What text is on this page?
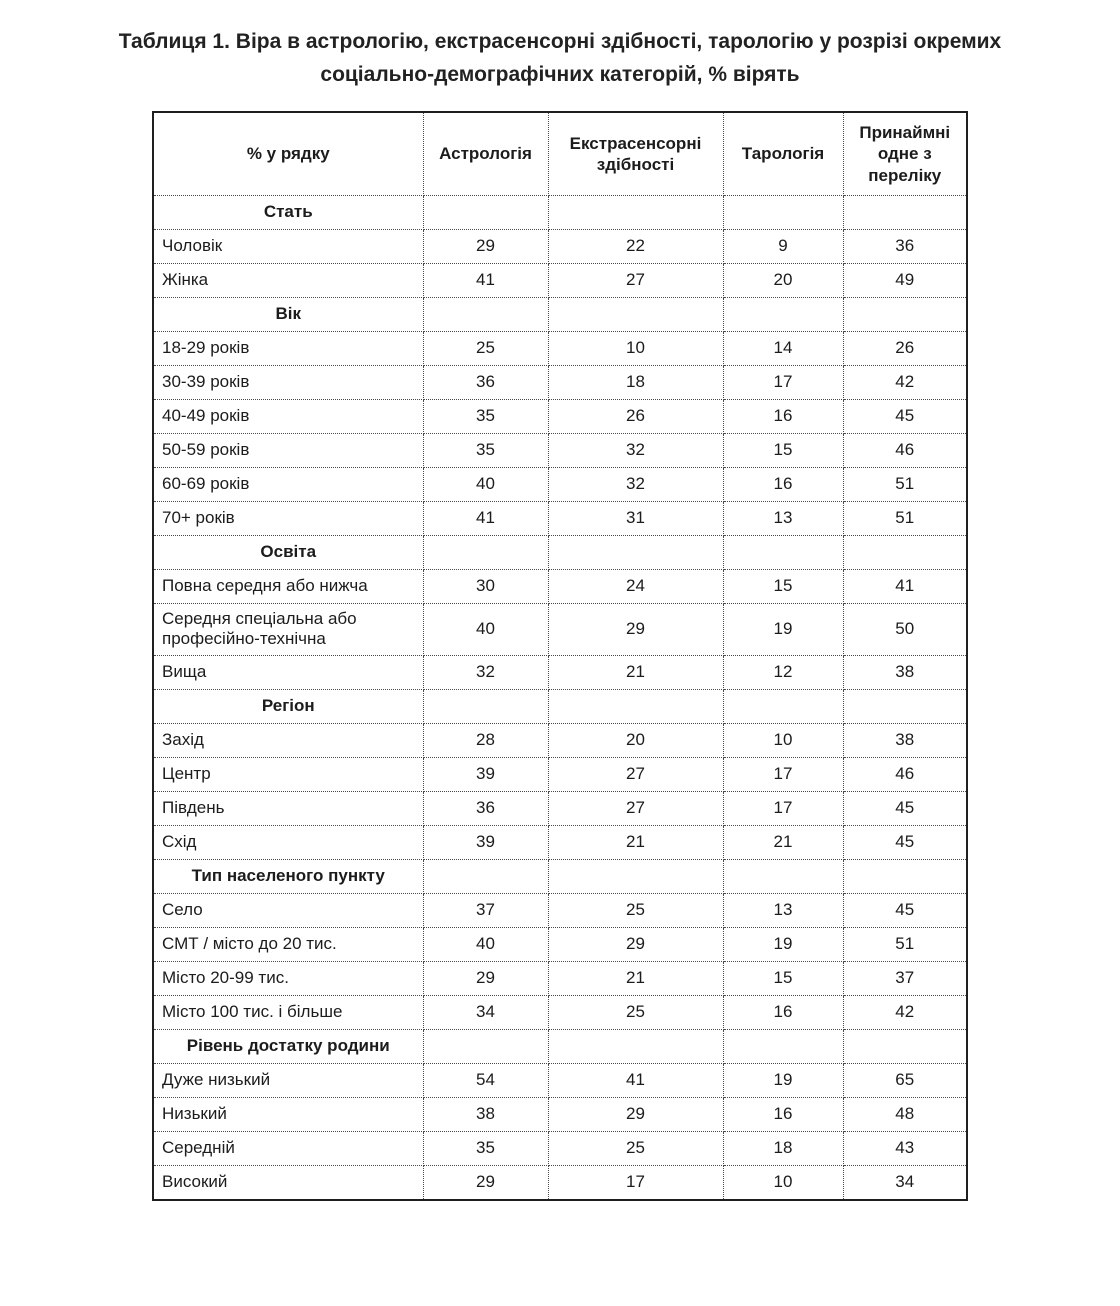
Таблиця 1. Віра в астрологію, екстрасенсорні здібності, тарологію у розрізі окремих
соціально-демографічних категорій, % вірять
% у рядку	Астрологія	Екстрасенсорні здібності	Тарологія	Принаймні одне з переліку
Стать				
Чоловік	29	22	9	36
Жінка	41	27	20	49
Вік				
18-29 років	25	10	14	26
30-39 років	36	18	17	42
40-49 років	35	26	16	45
50-59 років	35	32	15	46
60-69 років	40	32	16	51
70+ років	41	31	13	51
Освіта				
Повна середня або нижча	30	24	15	41
Середня спеціальна або професійно-технічна	40	29	19	50
Вища	32	21	12	38
Регіон				
Захід	28	20	10	38
Центр	39	27	17	46
Південь	36	27	17	45
Схід	39	21	21	45
Тип населеного пункту				
Село	37	25	13	45
СМТ / місто до 20 тис.	40	29	19	51
Місто 20-99 тис.	29	21	15	37
Місто 100 тис. і більше	34	25	16	42
Рівень достатку родини				
Дуже низький	54	41	19	65
Низький	38	29	16	48
Середній	35	25	18	43
Високий	29	17	10	34
